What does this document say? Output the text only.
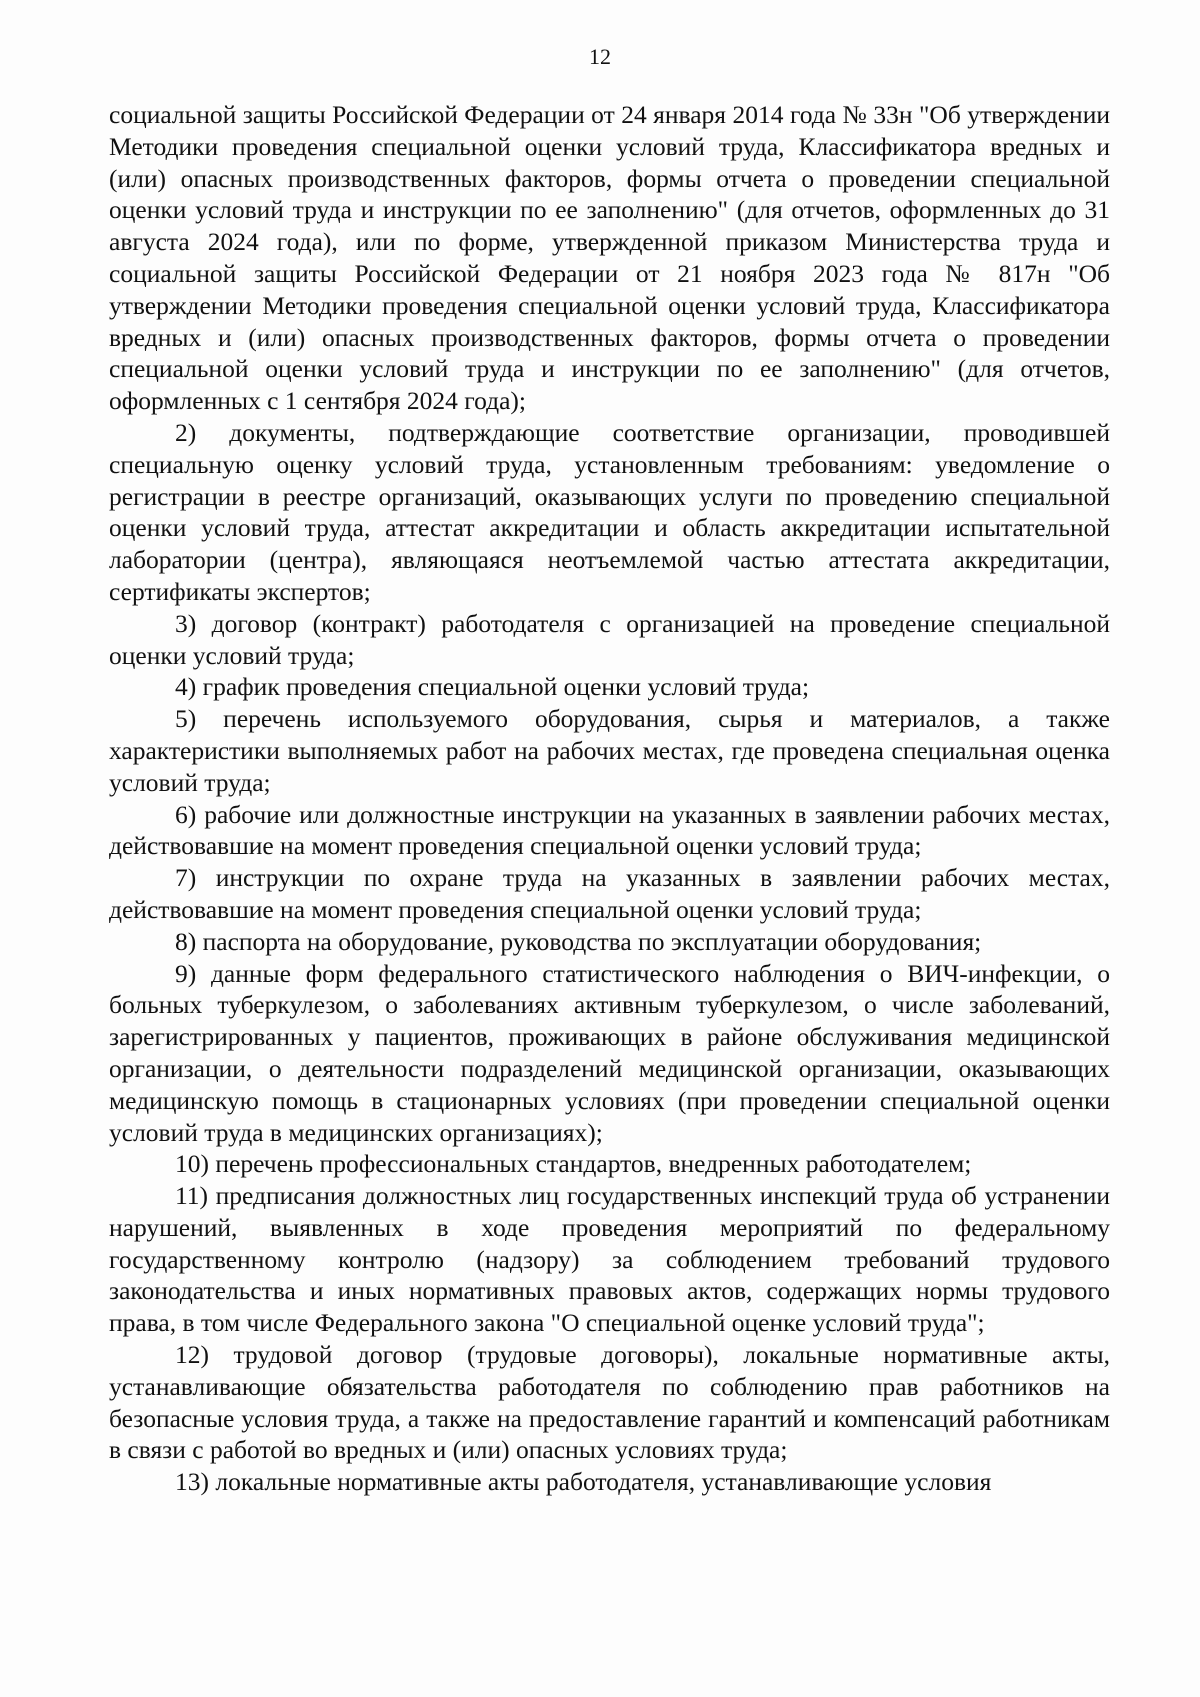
12

социальной защиты Российской Федерации от 24 января 2014 года № 33н "Об утверждении Методики проведения специальной оценки условий труда, Классификатора вредных и (или) опасных производственных факторов, формы отчета о проведении специальной оценки условий труда и инструкции по ее заполнению" (для отчетов, оформленных до 31 августа 2024 года), или по форме, утвержденной приказом Министерства труда и социальной защиты Российской Федерации от 21 ноября 2023 года № 817н "Об утверждении Методики проведения специальной оценки условий труда, Классификатора вредных и (или) опасных производственных факторов, формы отчета о проведении специальной оценки условий труда и инструкции по ее заполнению" (для отчетов, оформленных с 1 сентября 2024 года);

2) документы, подтверждающие соответствие организации, проводившей специальную оценку условий труда, установленным требованиям: уведомление о регистрации в реестре организаций, оказывающих услуги по проведению специальной оценки условий труда, аттестат аккредитации и область аккредитации испытательной лаборатории (центра), являющаяся неотъемлемой частью аттестата аккредитации, сертификаты экспертов;

3) договор (контракт) работодателя с организацией на проведение специальной оценки условий труда;

4) график проведения специальной оценки условий труда;

5) перечень используемого оборудования, сырья и материалов, а также характеристики выполняемых работ на рабочих местах, где проведена специальная оценка условий труда;

6) рабочие или должностные инструкции на указанных в заявлении рабочих местах, действовавшие на момент проведения специальной оценки условий труда;

7) инструкции по охране труда на указанных в заявлении рабочих местах, действовавшие на момент проведения специальной оценки условий труда;

8) паспорта на оборудование, руководства по эксплуатации оборудования;

9) данные форм федерального статистического наблюдения о ВИЧ-инфекции, о больных туберкулезом, о заболеваниях активным туберкулезом, о числе заболеваний, зарегистрированных у пациентов, проживающих в районе обслуживания медицинской организации, о деятельности подразделений медицинской организации, оказывающих медицинскую помощь в стационарных условиях (при проведении специальной оценки условий труда в медицинских организациях);

10) перечень профессиональных стандартов, внедренных работодателем;

11) предписания должностных лиц государственных инспекций труда об устранении нарушений, выявленных в ходе проведения мероприятий по федеральному государственному контролю (надзору) за соблюдением требований трудового законодательства и иных нормативных правовых актов, содержащих нормы трудового права, в том числе Федерального закона "О специальной оценке условий труда";

12) трудовой договор (трудовые договоры), локальные нормативные акты, устанавливающие обязательства работодателя по соблюдению прав работников на безопасные условия труда, а также на предоставление гарантий и компенсаций работникам в связи с работой во вредных и (или) опасных условиях труда;

13) локальные нормативные акты работодателя, устанавливающие условия
